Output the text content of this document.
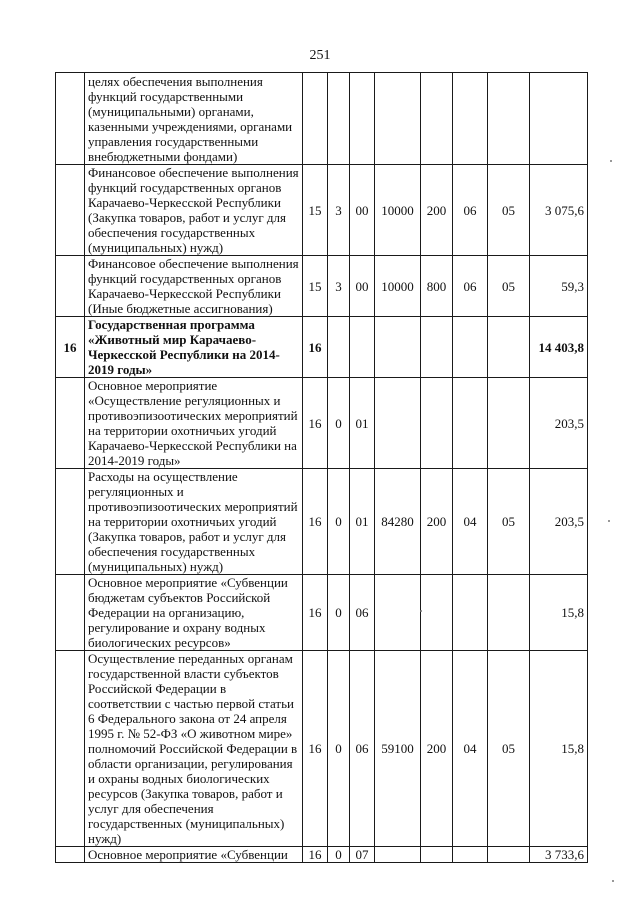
251
	целях обеспечения выполнения функций государственными (муниципальными) органами, казенными учреждениями, органами управления государственными внебюджетными фондами)								
	Финансовое обеспечение выполнения функций государственных органов Карачаево-Черкесской Республики (Закупка товаров, работ и услуг для обеспечения государственных (муниципальных) нужд)	15	3	00	10000	200	06	05	3 075,6
	Финансовое обеспечение выполнения функций государственных органов Карачаево-Черкесской Республики (Иные бюджетные ассигнования)	15	3	00	10000	800	06	05	59,3
16	Государственная программа «Животный мир Карачаево-Черкесской Республики на 2014-2019 годы»	16							14 403,8
	Основное мероприятие «Осуществление регуляционных и противоэпизоотических мероприятий на территории охотничьих угодий Карачаево-Черкесской Республики на 2014-2019 годы»	16	0	01					203,5
	Расходы на осуществление регуляционных и противоэпизоотических мероприятий на территории охотничьих угодий (Закупка товаров, работ и услуг для обеспечения государственных (муниципальных) нужд)	16	0	01	84280	200	04	05	203,5
	Основное мероприятие «Субвенции бюджетам субъектов Российской Федерации на организацию, регулирование и охрану водных биологических ресурсов»	16	0	06					15,8
	Осуществление переданных органам государственной власти субъектов Российской Федерации в соответствии с частью первой статьи 6 Федерального закона от 24 апреля 1995 г. № 52-ФЗ «О животном мире» полномочий Российской Федерации в области организации, регулирования и охраны водных биологических ресурсов (Закупка товаров, работ и услуг для обеспечения государственных (муниципальных) нужд)	16	0	06	59100	200	04	05	15,8
	Основное мероприятие «Субвенции	16	0	07					3 733,6
